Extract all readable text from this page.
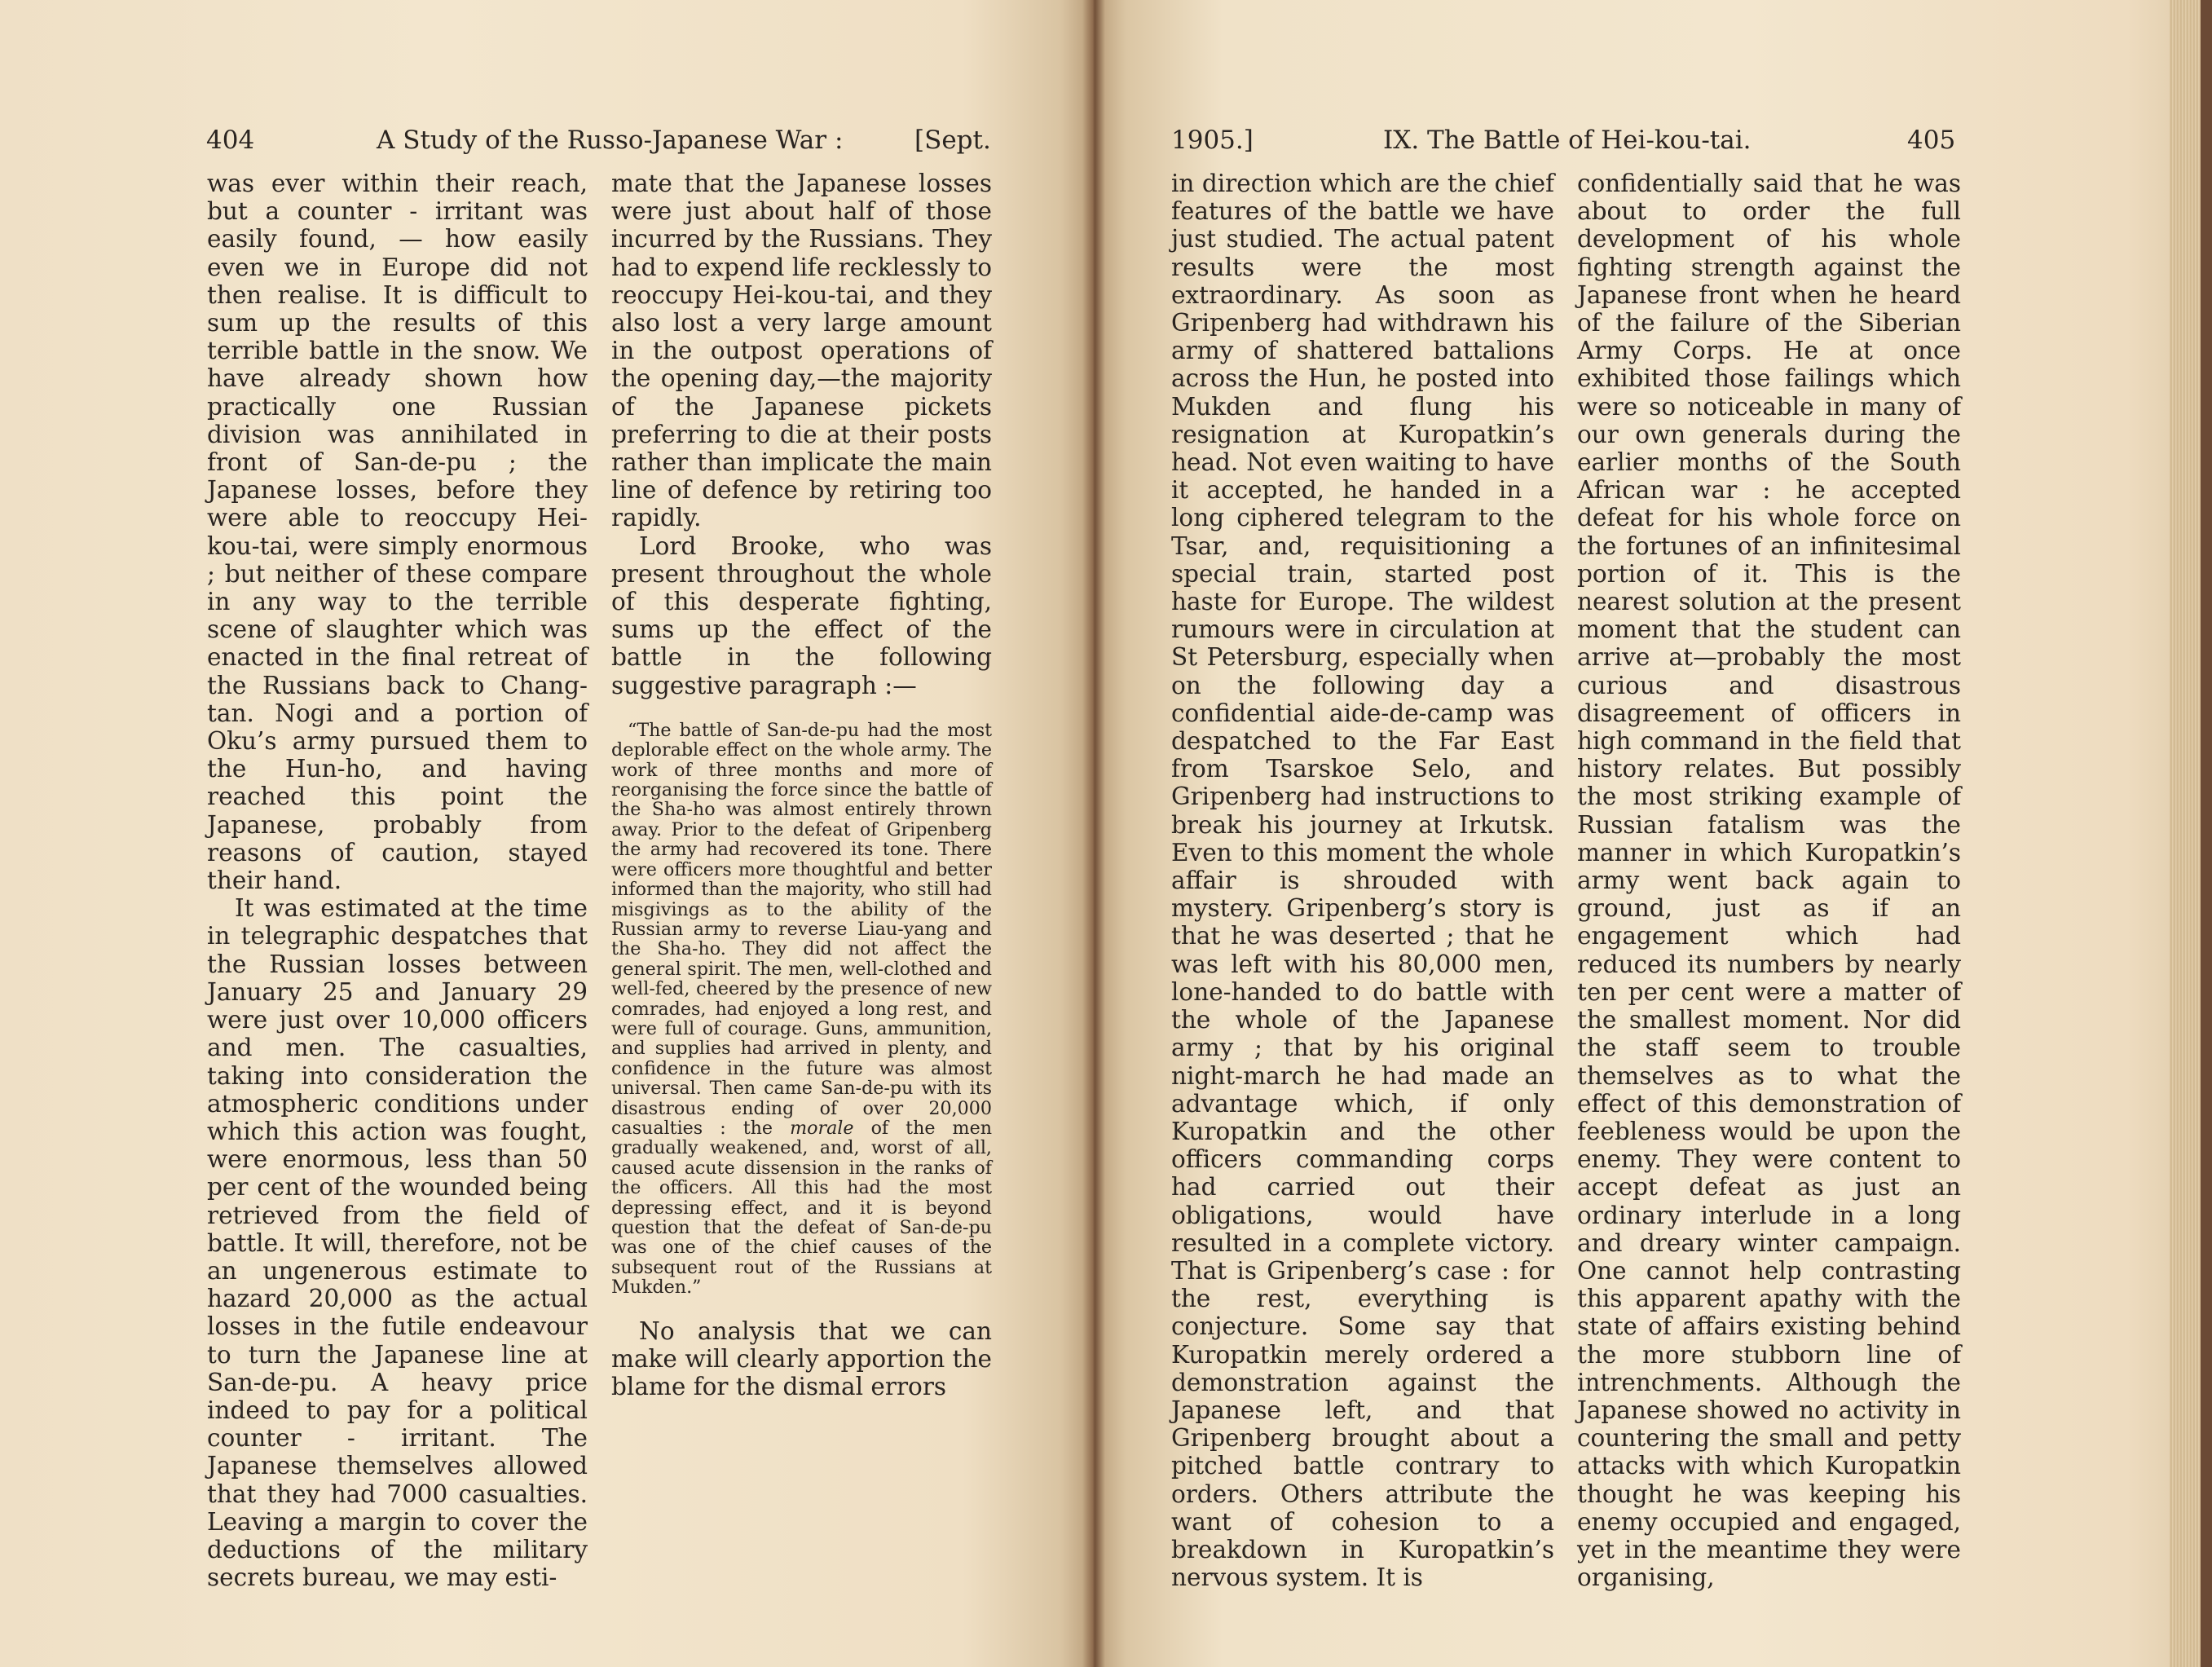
404	A Study of the Russo-Japanese War :	[Sept.

was ever within their reach, but a counter - irritant was easily found, — how easily even we in Europe did not then realise. It is difficult to sum up the results of this terrible battle in the snow. We have already shown how practically one Russian division was annihilated in front of San-de-pu ; the Japanese losses, before they were able to reoccupy Hei-kou-tai, were simply enormous ; but neither of these compare in any way to the terrible scene of slaughter which was enacted in the final retreat of the Russians back to Chang-tan. Nogi and a portion of Oku’s army pursued them to the Hun-ho, and having reached this point the Japanese, probably from reasons of caution, stayed their hand.

It was estimated at the time in telegraphic despatches that the Russian losses between January 25 and January 29 were just over 10,000 officers and men. The casualties, taking into consideration the atmospheric conditions under which this action was fought, were enormous, less than 50 per cent of the wounded being retrieved from the field of battle. It will, therefore, not be an ungenerous estimate to hazard 20,000 as the actual losses in the futile endeavour to turn the Japanese line at San-de-pu. A heavy price indeed to pay for a political counter - irritant. The Japanese themselves allowed that they had 7000 casualties. Leaving a margin to cover the deductions of the military secrets bureau, we may esti-

mate that the Japanese losses were just about half of those incurred by the Russians. They had to expend life recklessly to reoccupy Hei-kou-tai, and they also lost a very large amount in the outpost operations of the opening day,—the majority of the Japanese pickets preferring to die at their posts rather than implicate the main line of defence by retiring too rapidly.

Lord Brooke, who was present throughout the whole of this desperate fighting, sums up the effect of the battle in the following suggestive paragraph :—

“The battle of San-de-pu had the most deplorable effect on the whole army. The work of three months and more of reorganising the force since the battle of the Sha-ho was almost entirely thrown away. Prior to the defeat of Gripenberg the army had recovered its tone. There were officers more thoughtful and better informed than the majority, who still had misgivings as to the ability of the Russian army to reverse Liau-yang and the Sha-ho. They did not affect the general spirit. The men, well-clothed and well-fed, cheered by the presence of new comrades, had enjoyed a long rest, and were full of courage. Guns, ammunition, and supplies had arrived in plenty, and confidence in the future was almost universal. Then came San-de-pu with its disastrous ending of over 20,000 casualties : the morale of the men gradually weakened, and, worst of all, caused acute dissension in the ranks of the officers. All this had the most depressing effect, and it is beyond question that the defeat of San-de-pu was one of the chief causes of the subsequent rout of the Russians at Mukden.”

No analysis that we can make will clearly apportion the blame for the dismal errors

1905.]	IX. The Battle of Hei-kou-tai.	405

in direction which are the chief features of the battle we have just studied. The actual patent results were the most extraordinary. As soon as Gripenberg had withdrawn his army of shattered battalions across the Hun, he posted into Mukden and flung his resignation at Kuropatkin’s head. Not even waiting to have it accepted, he handed in a long ciphered telegram to the Tsar, and, requisitioning a special train, started post haste for Europe. The wildest rumours were in circulation at St Petersburg, especially when on the following day a confidential aide-de-camp was despatched to the Far East from Tsarskoe Selo, and Gripenberg had instructions to break his journey at Irkutsk. Even to this moment the whole affair is shrouded with mystery. Gripenberg’s story is that he was deserted ; that he was left with his 80,000 men, lone-handed to do battle with the whole of the Japanese army ; that by his original night-march he had made an advantage which, if only Kuropatkin and the other officers commanding corps had carried out their obligations, would have resulted in a complete victory. That is Gripenberg’s case : for the rest, everything is conjecture. Some say that Kuropatkin merely ordered a demonstration against the Japanese left, and that Gripenberg brought about a pitched battle contrary to orders. Others attribute the want of cohesion to a breakdown in Kuropatkin’s nervous system. It is

confidentially said that he was about to order the full development of his whole fighting strength against the Japanese front when he heard of the failure of the Siberian Army Corps. He at once exhibited those failings which were so noticeable in many of our own generals during the earlier months of the South African war : he accepted defeat for his whole force on the fortunes of an infinitesimal portion of it. This is the nearest solution at the present moment that the student can arrive at—probably the most curious and disastrous disagreement of officers in high command in the field that history relates. But possibly the most striking example of Russian fatalism was the manner in which Kuropatkin’s army went back again to ground, just as if an engagement which had reduced its numbers by nearly ten per cent were a matter of the smallest moment. Nor did the staff seem to trouble themselves as to what the effect of this demonstration of feebleness would be upon the enemy. They were content to accept defeat as just an ordinary interlude in a long and dreary winter campaign. One cannot help contrasting this apparent apathy with the state of affairs existing behind the more stubborn line of intrenchments. Although the Japanese showed no activity in countering the small and petty attacks with which Kuropatkin thought he was keeping his enemy occupied and engaged, yet in the meantime they were organising,
